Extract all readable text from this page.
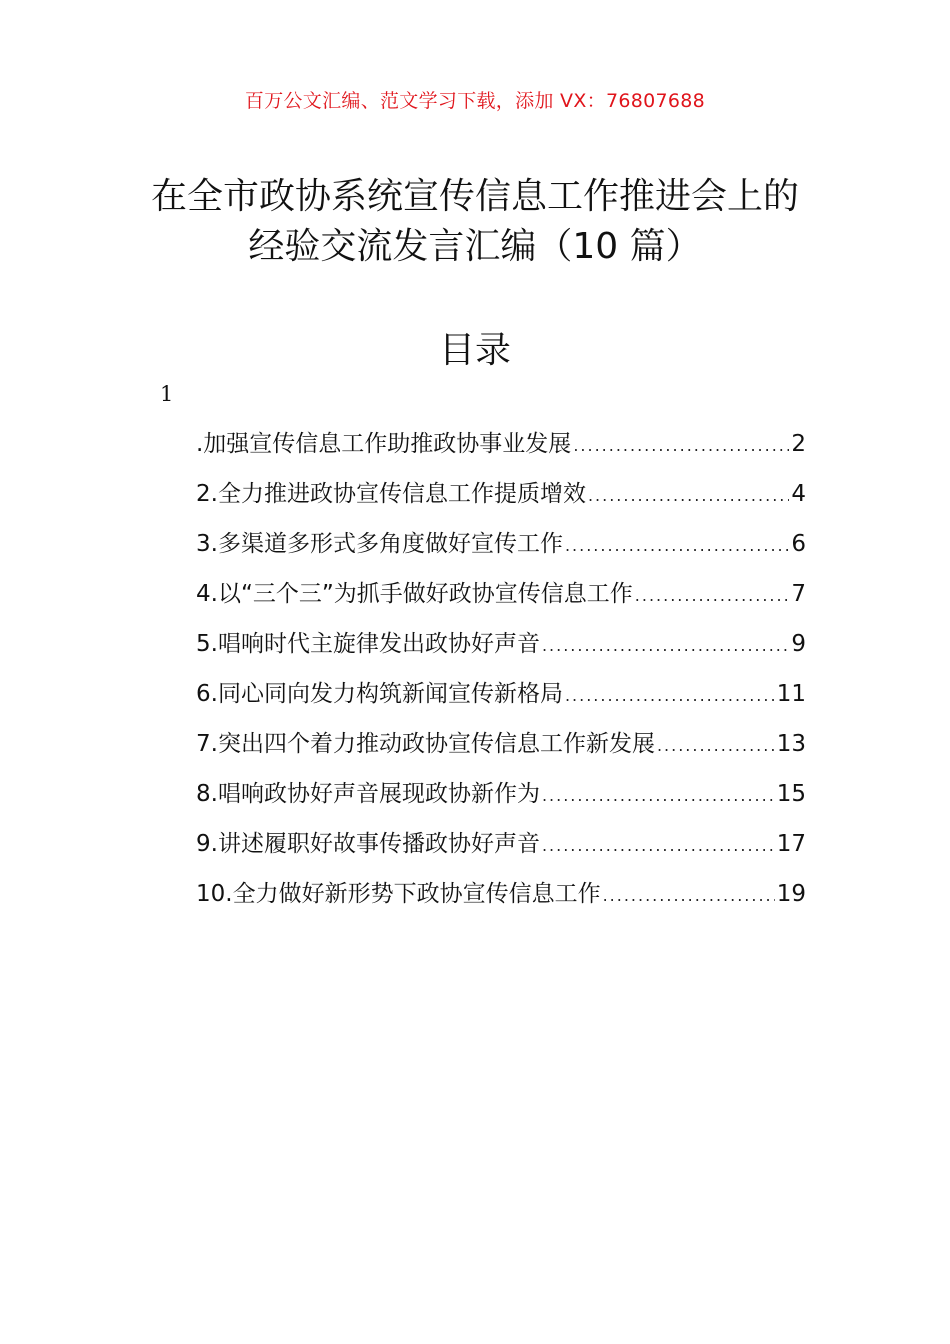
百万公文汇编、范文学习下载，添加 VX：76807688
在全市政协系统宣传信息工作推进会上的
经验交流发言汇编（10 篇）
目录
1
.加强宣传信息工作助推政协事业发展 .....	2
2.全力推进政协宣传信息工作提质增效 .....	4
3.多渠道多形式多角度做好宣传工作 .....	6
4.以“三个三”为抓手做好政协宣传信息工作 .....	7
5.唱响时代主旋律发出政协好声音 .....	9
6.同心同向发力构筑新闻宣传新格局 .....	11
7.突出四个着力推动政协宣传信息工作新发展 .....	13
8.唱响政协好声音展现政协新作为 .....	15
9.讲述履职好故事传播政协好声音 .....	17
10.全力做好新形势下政协宣传信息工作 .....	19
